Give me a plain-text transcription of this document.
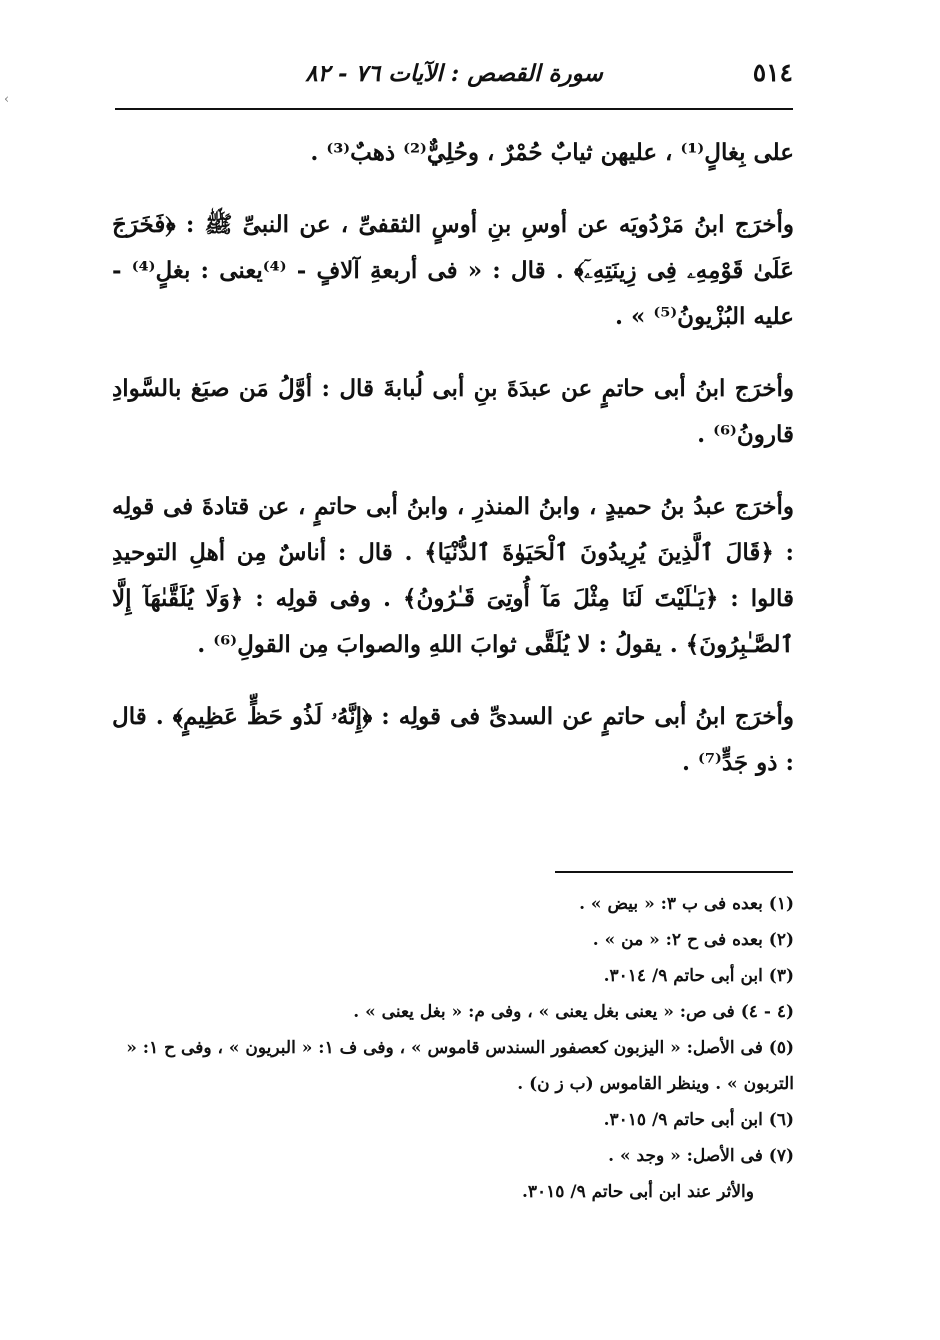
‹
٥١٤
سورة القصص : الآيات ٧٦ - ٨٢

على بِغالٍ⁽¹⁾ ، عليهن ثيابٌ حُمْرٌ ، وحُلِيٌّ⁽²⁾ ذهبٌ⁽³⁾ .

وأخرَج ابنُ مَرْدُويَه عن أوسِ بنِ أوسٍ الثقفىِّ ، عن النبىِّ ﷺ : ﴿فَخَرَجَ عَلَىٰ قَوْمِهِۦ فِى زِينَتِهِۦٓ﴾ . قال : « فى أربعةِ آلافٍ - ⁽⁴⁾يعنى : بغلٍ⁽⁴⁾ - عليه البُزْيونُ⁽⁵⁾ » .

وأخرَج ابنُ أبى حاتمٍ عن عبدَةَ بنِ أبى لُبابةَ قال : أوَّلُ مَن صبَغ بالسَّوادِ قارونُ⁽⁶⁾ .

وأخرَج عبدُ بنُ حميدٍ ، وابنُ المنذرِ ، وابنُ أبى حاتمٍ ، عن قتادةَ فى قولِه : ﴿قَالَ ٱلَّذِينَ يُرِيدُونَ ٱلْحَيَوٰةَ ٱلدُّنْيَا﴾ . قال : أناسٌ مِن أهلِ التوحيدِ قالوا : ﴿يَـٰلَيْتَ لَنَا مِثْلَ مَآ أُوتِىَ قَـٰرُونُ﴾ . وفى قولِه : ﴿وَلَا يُلَقَّىٰهَآ إِلَّا ٱلصَّـٰبِرُونَ﴾ . يقولُ : لا يُلَقَّى ثوابَ اللهِ والصوابَ مِن القولِ⁽⁶⁾ .

وأخرَج ابنُ أبى حاتمٍ عن السدىِّ فى قولِه : ﴿إِنَّهُۥ لَذُو حَظٍّ عَظِيمٍ﴾ . قال : ذو جَدٍّ⁽⁷⁾ .

(١) بعده فى ب ٣: « بيض » .
(٢) بعده فى ح ٢: « من » .
(٣) ابن أبى حاتم ٩/ ٣٠١٤.
(٤ - ٤) فى ص: « يعنى بغل يعنى » ، وفى م: « بغل يعنى » .
(٥) فى الأصل: « اليزبون كعصفور السندس قاموس » ، وفى ف ١: « البريون » ، وفى ح ١: « التربون » . وينظر القاموس (ب ز ن) .
(٦) ابن أبى حاتم ٩/ ٣٠١٥.
(٧) فى الأصل: « وجد » .
والأثر عند ابن أبى حاتم ٩/ ٣٠١٥.
